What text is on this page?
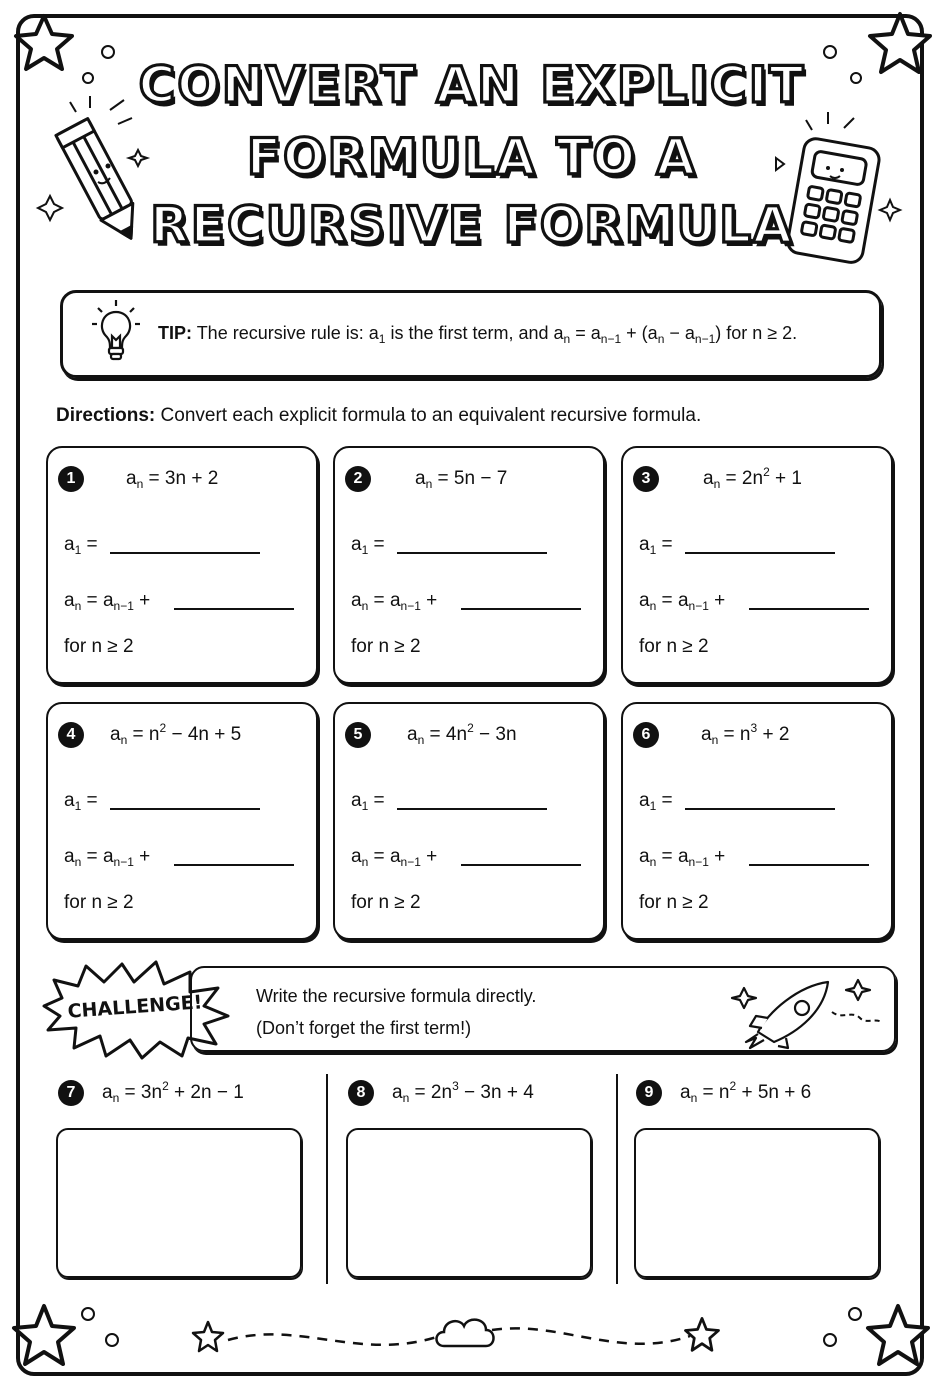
CONVERT AN EXPLICIT
FORMULA TO A
RECURSIVE FORMULA
TIP: The recursive rule is: $a_1$ is the first term, and $a_n = a_{n-1} + (a_n - a_{n-1})$ for n ≥ 2.
Directions: Convert each explicit formula to an equivalent recursive formula.
1	$a_n = 3n + 2$
$a_1$ =
$a_n = a_{n-1}$ +
for n ≥ 2
2	$a_n = 5n - 7$
$a_1$ =
$a_n = a_{n-1}$ +
for n ≥ 2
3	$a_n = 2n^2 + 1$
$a_1$ =
$a_n = a_{n-1}$ +
for n ≥ 2
4	$a_n = n^2 - 4n + 5$
$a_1$ =
$a_n = a_{n-1}$ +
for n ≥ 2
5	$a_n = 4n^2 - 3n$
$a_1$ =
$a_n = a_{n-1}$ +
for n ≥ 2
6	$a_n = n^3 + 2$
$a_1$ =
$a_n = a_{n-1}$ +
for n ≥ 2
CHALLENGE!	Write the recursive formula directly.
(Don’t forget the first term!)
7	$a_n = 3n^2 + 2n - 1$	8	$a_n = 2n^3 - 3n + 4$	9	$a_n = n^2 + 5n + 6$
